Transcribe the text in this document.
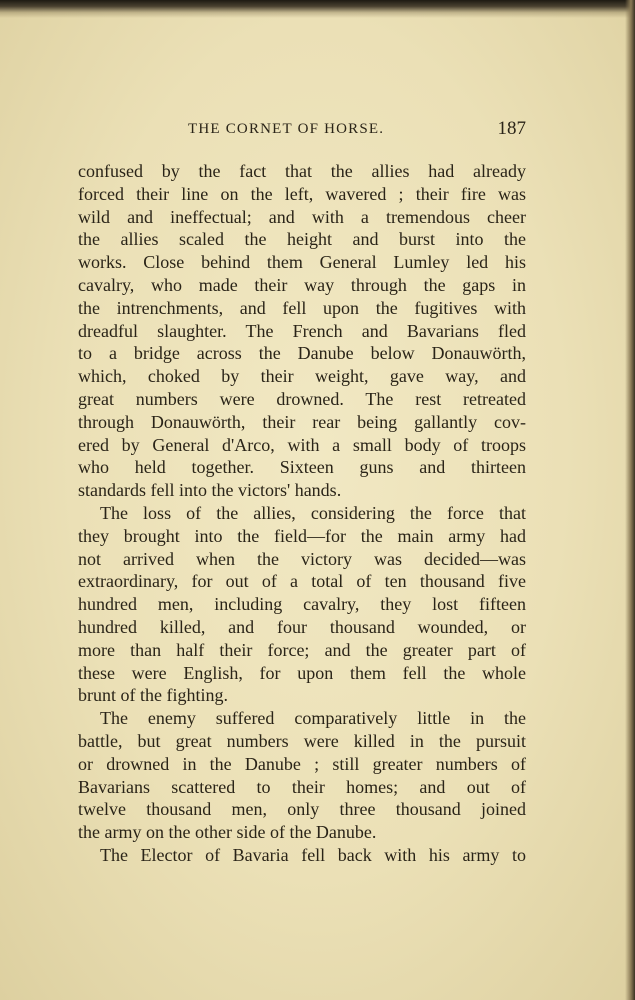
THE CORNET OF HORSE.	187
confused by the fact that the allies had already
forced their line on the left, wavered ; their fire was
wild and ineffectual; and with a tremendous cheer
the allies scaled the height and burst into the
works. Close behind them General Lumley led his
cavalry, who made their way through the gaps in
the intrenchments, and fell upon the fugitives with
dreadful slaughter. The French and Bavarians fled
to a bridge across the Danube below Donauwörth,
which, choked by their weight, gave way, and
great numbers were drowned. The rest retreated
through Donauwörth, their rear being gallantly cov-
ered by General d'Arco, with a small body of troops
who held together. Sixteen guns and thirteen
standards fell into the victors' hands.
The loss of the allies, considering the force that
they brought into the field—for the main army had
not arrived when the victory was decided—was
extraordinary, for out of a total of ten thousand five
hundred men, including cavalry, they lost fifteen
hundred killed, and four thousand wounded, or
more than half their force; and the greater part of
these were English, for upon them fell the whole
brunt of the fighting.
The enemy suffered comparatively little in the
battle, but great numbers were killed in the pursuit
or drowned in the Danube ; still greater numbers of
Bavarians scattered to their homes; and out of
twelve thousand men, only three thousand joined
the army on the other side of the Danube.
The Elector of Bavaria fell back with his army to
